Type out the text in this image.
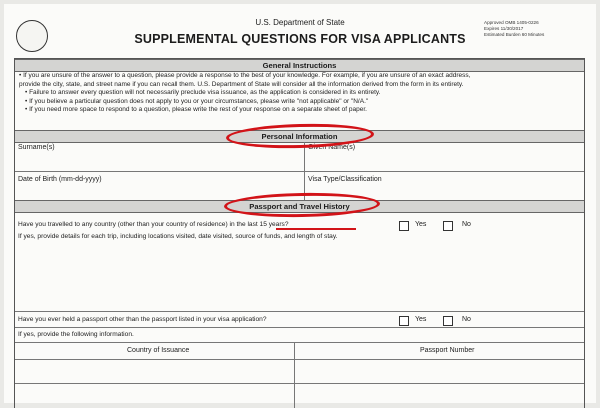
U.S. Department of State
SUPPLEMENTAL QUESTIONS FOR VISA APPLICANTS
Approved OMB 1405-0226
Expires 11/30/2017
Estimated Burden 60 Minutes
General Instructions
• If you are unsure of the answer to a question, please provide a response to the best of your knowledge. For example, if you are unsure of an exact address,
provide the city, state, and street name if you can recall them. U.S. Department of State will consider all the information derived from the form in its entirety.
• Failure to answer every question will not necessarily preclude visa issuance, as the application is considered in its entirety.
• If you believe a particular question does not apply to you or your circumstances, please write "not applicable" or "N/A."
• If you need more space to respond to a question, please write the rest of your response on a separate sheet of paper.
Personal Information
Surname(s)	Given Name(s)
Date of Birth (mm-dd-yyyy)	Visa Type/Classification
Passport and Travel History
Have you travelled to any country (other than your country of residence) in the last 15 years?	Yes	No
If yes, provide details for each trip, including locations visited, date visited, source of funds, and length of stay.
Have you ever held a passport other than the passport listed in your visa application?	Yes	No
If yes, provide the following information.
Country of Issuance	Passport Number
